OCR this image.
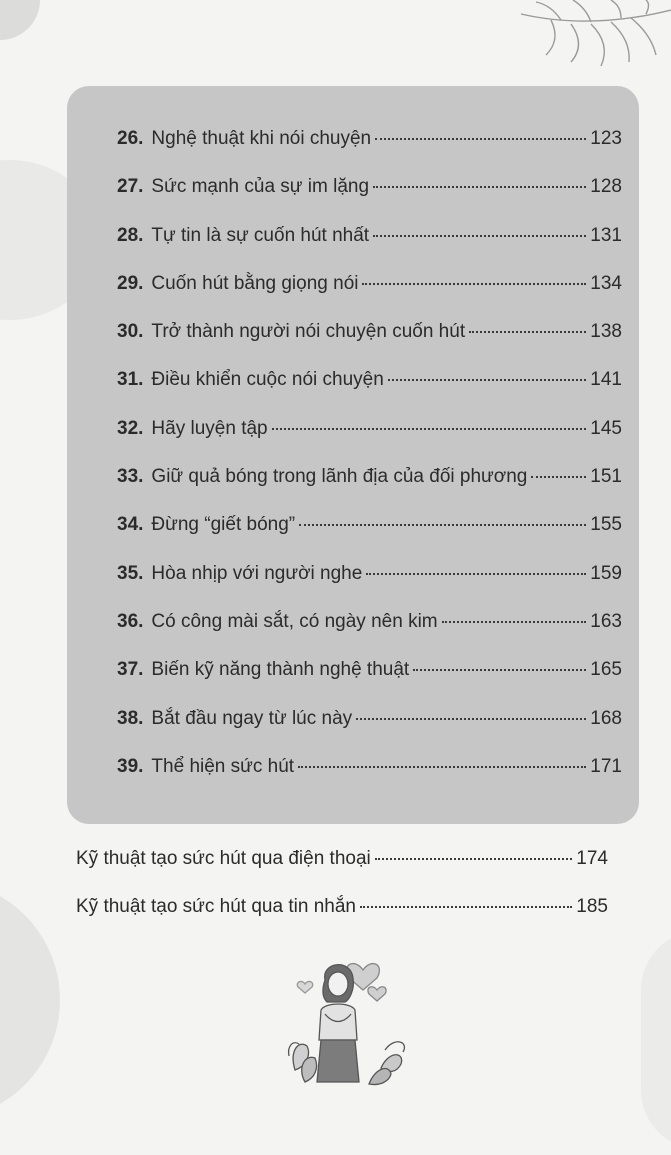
26. Nghệ thuật khi nói chuyện	123
27. Sức mạnh của sự im lặng	128
28. Tự tin là sự cuốn hút nhất	131
29. Cuốn hút bằng giọng nói	134
30. Trở thành người nói chuyện cuốn hút	138
31. Điều khiển cuộc nói chuyện	141
32. Hãy luyện tập	145
33. Giữ quả bóng trong lãnh địa của đối phương	151
34. Đừng “giết bóng”	155
35. Hòa nhịp với người nghe	159
36. Có công mài sắt, có ngày nên kim	163
37. Biến kỹ năng thành nghệ thuật	165
38. Bắt đầu ngay từ lúc này	168
39. Thể hiện sức hút	171
Kỹ thuật tạo sức hút qua điện thoại	174
Kỹ thuật tạo sức hút qua tin nhắn	185
